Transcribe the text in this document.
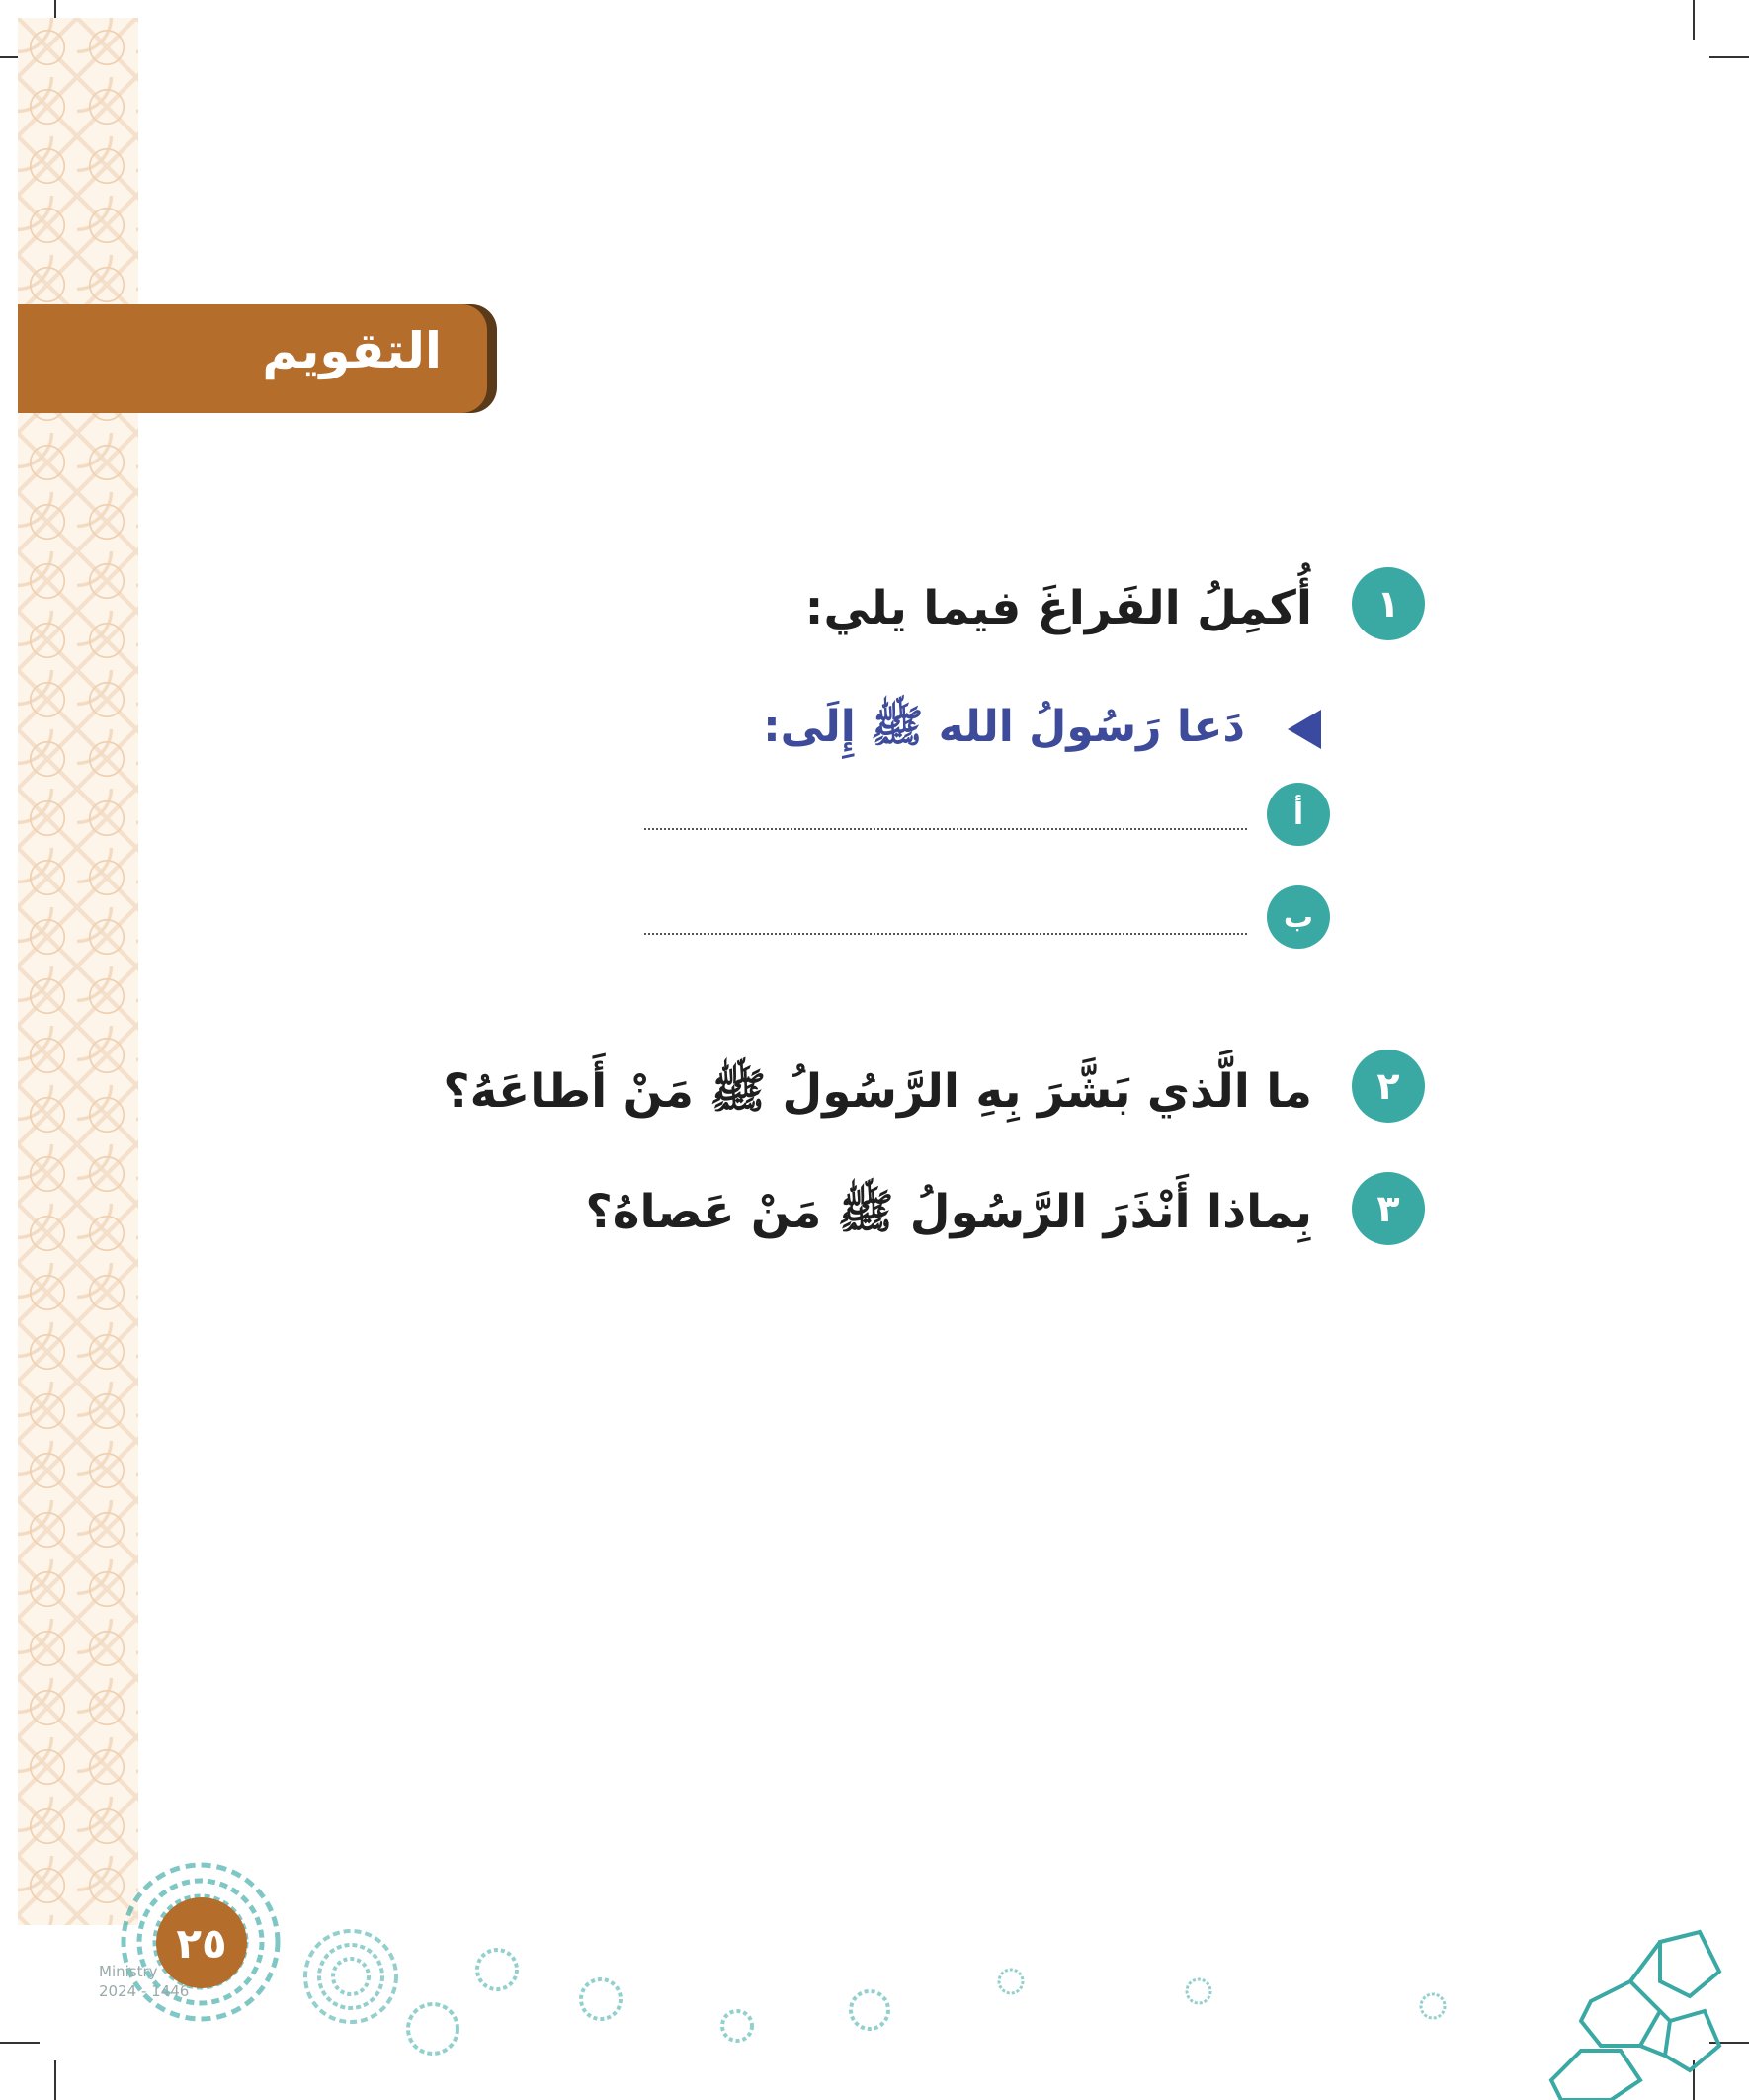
التقويم
١
أُكمِلُ الفَراغَ فيما يلي:
دَعا رَسُولُ الله ﷺ إِلَى:
أ
ب
٢
ما الَّذي بَشَّرَ بِهِ الرَّسُولُ ﷺ مَنْ أَطاعَهُ؟
٣
بِماذا أَنْذَرَ الرَّسُولُ ﷺ مَنْ عَصاهُ؟
٢٥
Ministry
2024 - 1446
